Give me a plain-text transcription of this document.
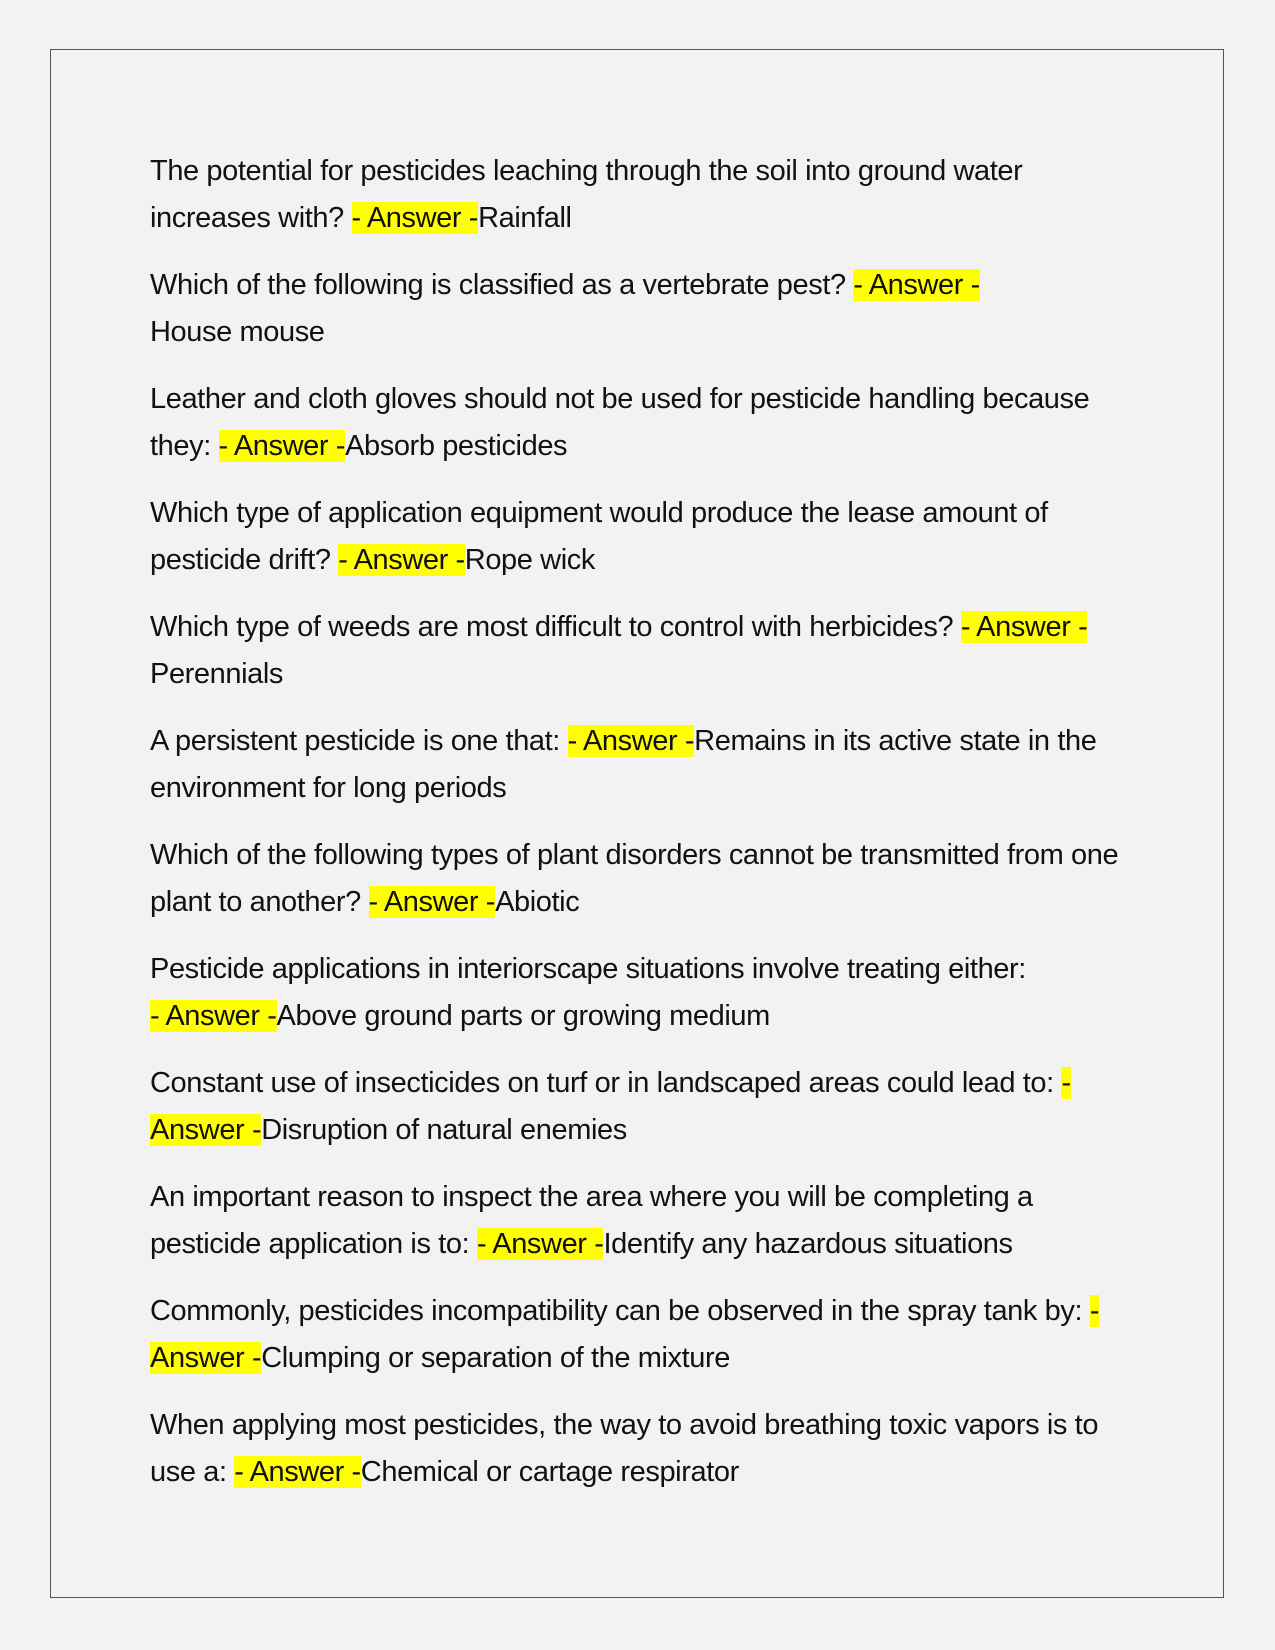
The potential for pesticides leaching through the soil into ground water increases with? - Answer -Rainfall

Which of the following is classified as a vertebrate pest? - Answer -
House mouse

Leather and cloth gloves should not be used for pesticide handling because they: - Answer -Absorb pesticides

Which type of application equipment would produce the lease amount of pesticide drift? - Answer -Rope wick

Which type of weeds are most difficult to control with herbicides? - Answer -Perennials

A persistent pesticide is one that: - Answer -Remains in its active state in the environment for long periods

Which of the following types of plant disorders cannot be transmitted from one plant to another? - Answer -Abiotic

Pesticide applications in interiorscape situations involve treating either:
- Answer -Above ground parts or growing medium

Constant use of insecticides on turf or in landscaped areas could lead to: - Answer -Disruption of natural enemies

An important reason to inspect the area where you will be completing a pesticide application is to: - Answer -Identify any hazardous situations

Commonly, pesticides incompatibility can be observed in the spray tank by: - Answer -Clumping or separation of the mixture

When applying most pesticides, the way to avoid breathing toxic vapors is to use a: - Answer -Chemical or cartage respirator
